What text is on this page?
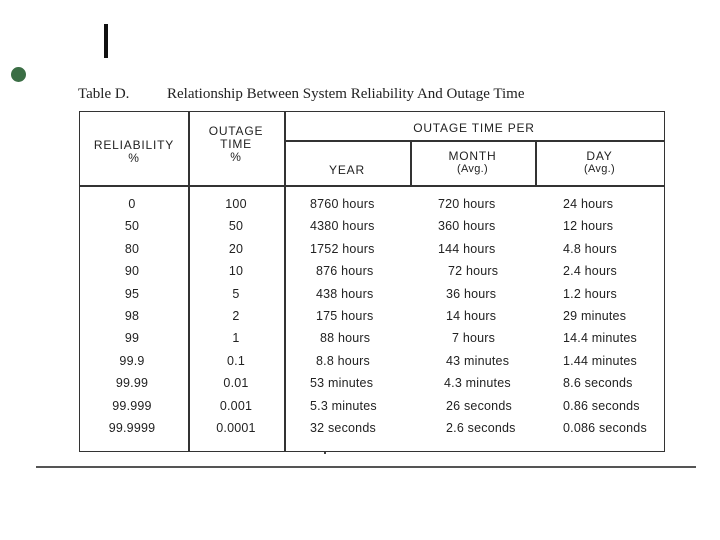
Table D.	Relationship Between System Reliability And Outage Time
RELIABILITY
%
OUTAGE
TIME
%
OUTAGE TIME PER
YEAR
MONTH
(Avg.)
DAY
(Avg.)
0	100	8760 hours	720 hours	24 hours
50	50	4380 hours	360 hours	12 hours
80	20	1752 hours	144 hours	4.8 hours
90	10	876 hours	72 hours	2.4 hours
95	5	438 hours	36 hours	1.2 hours
98	2	175 hours	14 hours	29 minutes
99	1	88 hours	7 hours	14.4 minutes
99.9	0.1	8.8 hours	43 minutes	1.44 minutes
99.99	0.01	53 minutes	4.3 minutes	8.6 seconds
99.999	0.001	5.3 minutes	26 seconds	0.86 seconds
99.9999	0.0001	32 seconds	2.6 seconds	0.086 seconds
